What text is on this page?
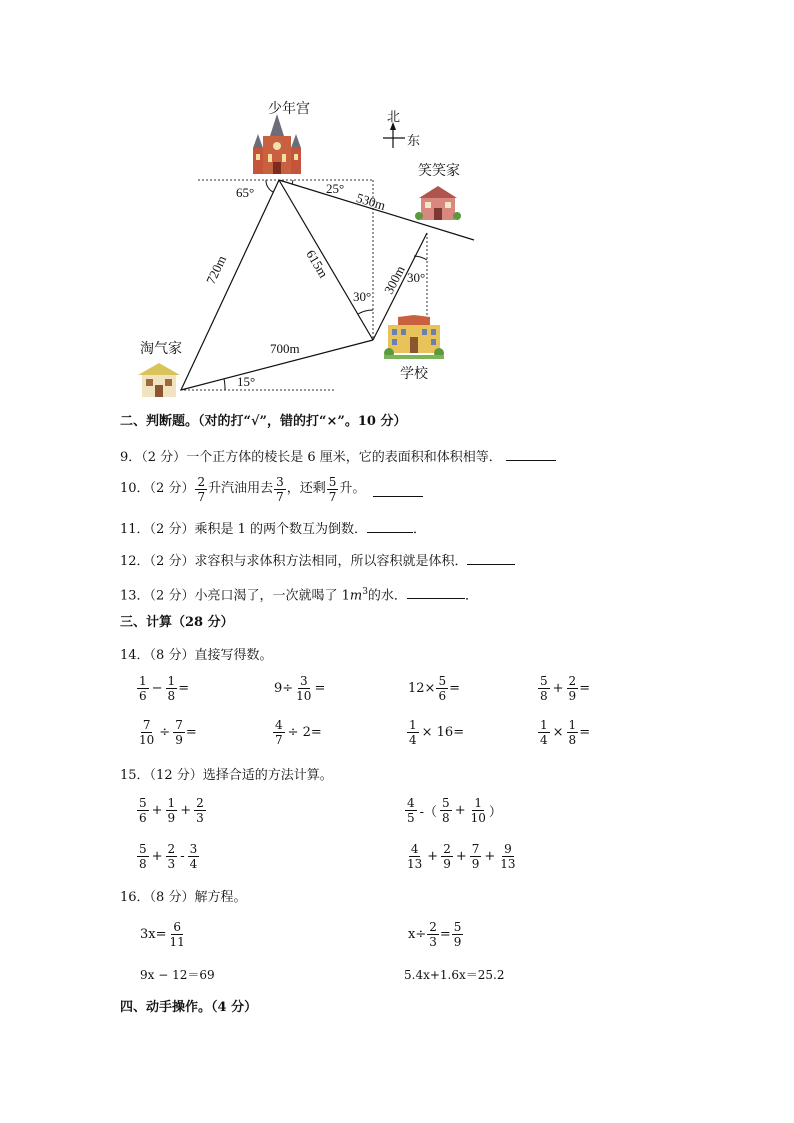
少年宫
笑笑家
淘气家
学校
北
东
65°	25°
30°
30°
15°
530m
720m	615m	300m
700m
二、判断题。（对的打“√”，错的打“×”。10 分）
9．（2 分）一个正方体的棱长是 6 厘米，它的表面积和体积相等．
10．（2 分） $\frac{2}{7}$ 升汽油用去 $\frac{3}{7}$ ，还剩 $\frac{5}{7}$ 升。
11．（2 分）乘积是 1 的两个数互为倒数．	．
12．（2 分）求容积与求体积方法相同，所以容积就是体积．
13．（2 分）小亮口渴了，一次就喝了 $1m^3$的水．	．
三、计算（28 分）
14．（8 分）直接写得数。
$\frac{1}{6} - \frac{1}{8}$ =	$9\div \frac{3}{10}$ =	$12\times \frac{5}{6}$ =	$\frac{5}{8} + \frac{2}{9}$ =
$\frac{7}{10} \div \frac{7}{9}$ =	$\frac{4}{7} \div 2=$	$\frac{1}{4} \times 16=$	$\frac{1}{4} \times \frac{1}{8}$ =
15．（12 分）选择合适的方法计算。
$\frac{5}{6} + \frac{1}{9} + \frac{2}{3}$	$\frac{4}{5}$ -（ $\frac{5}{8} + \frac{1}{10}$ ）
$\frac{5}{8} + \frac{2}{3} - \frac{3}{4}$	$\frac{4}{13} + \frac{2}{9} + \frac{7}{9} + \frac{9}{13}$
16．（8 分）解方程。
$3x= \frac{6}{11}$	$x\div \frac{2}{3} = \frac{5}{9}$
9x − 12＝69	5.4x+1.6x＝25.2
四、动手操作。（4 分）
